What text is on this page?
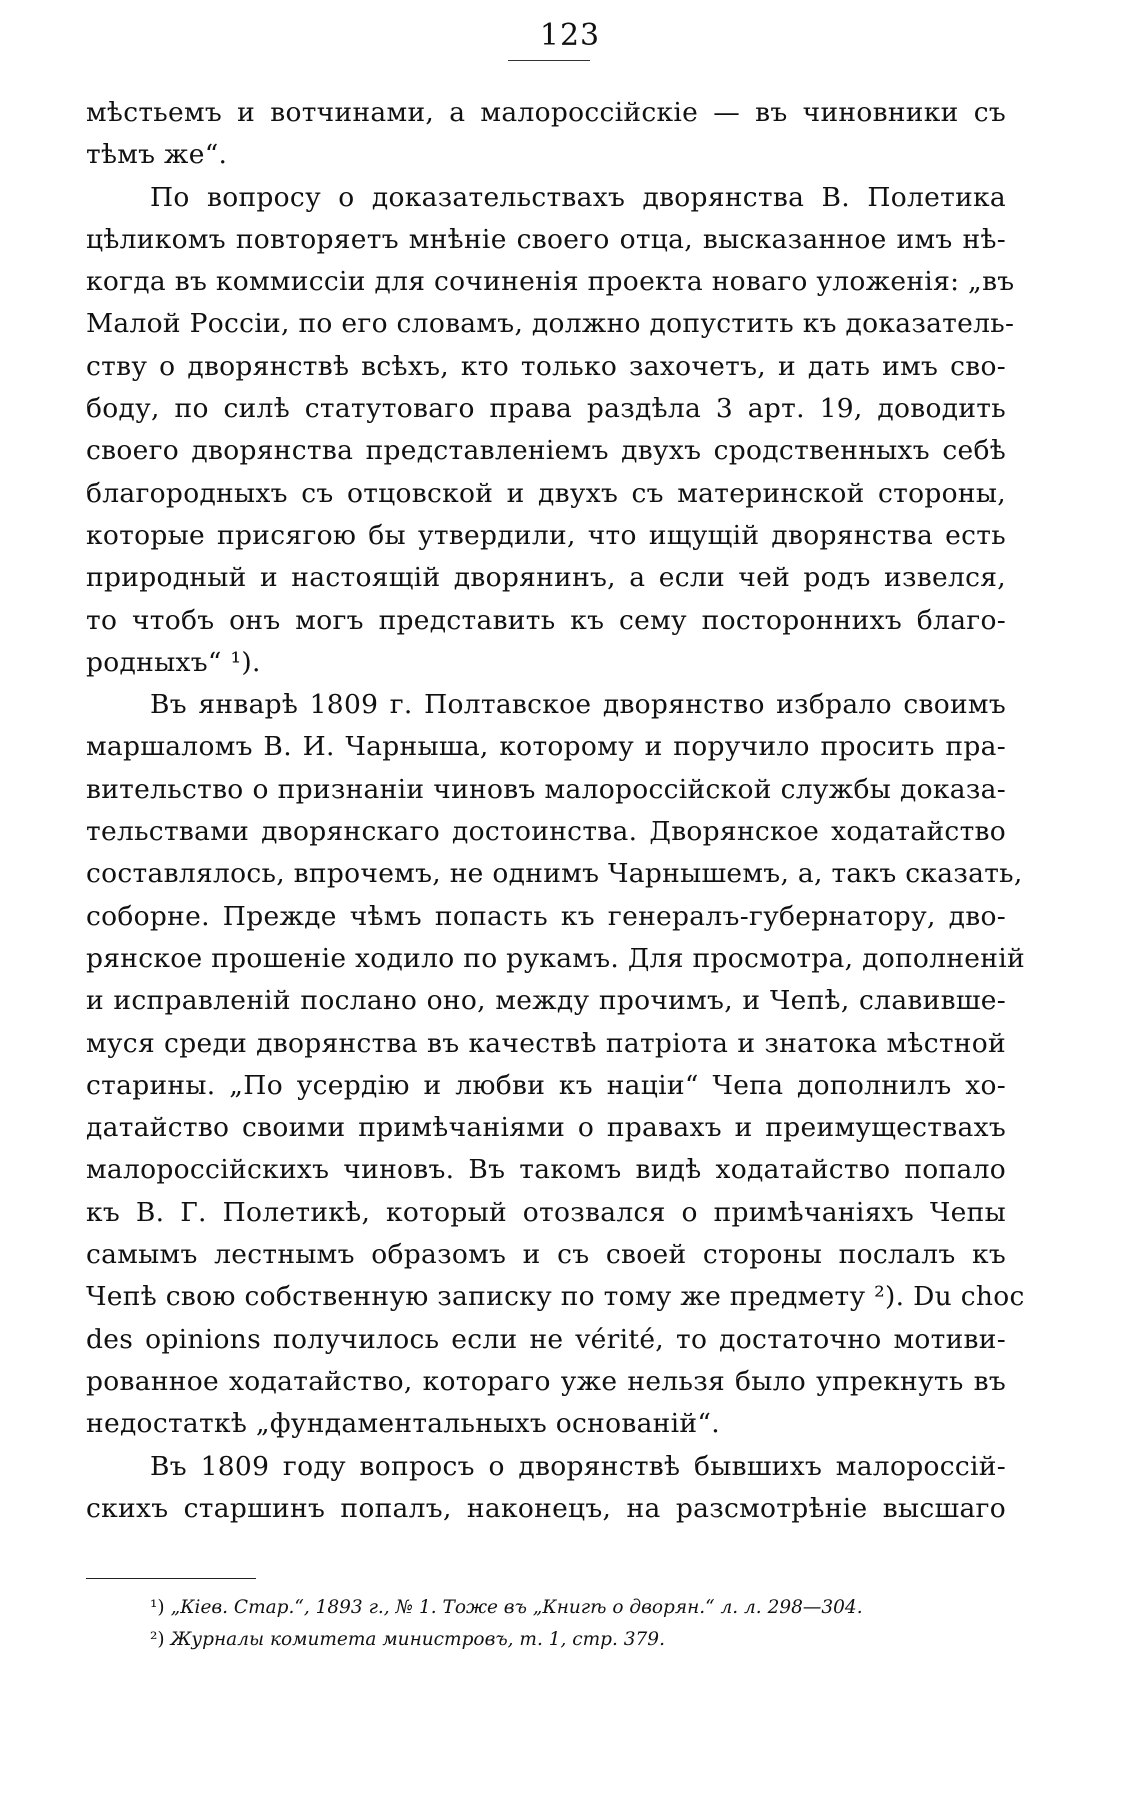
123
мѣстьемъ и вотчинами, а малороссійскіе — въ чиновники съ
тѣмъ же“.
По вопросу о доказательствахъ дворянства В. Полетика
цѣликомъ повторяетъ мнѣніе своего отца, высказанное имъ нѣ-
когда въ коммиссіи для сочиненія проекта новаго уложенія: „въ
Малой Россіи, по его словамъ, должно допустить къ доказатель-
ству о дворянствѣ всѣхъ, кто только захочетъ, и дать имъ сво-
боду, по силѣ статутоваго права раздѣла 3 арт. 19, доводить
своего дворянства представленіемъ двухъ сродственныхъ себѣ
благородныхъ съ отцовской и двухъ съ материнской стороны,
которые присягою бы утвердили, что ищущій дворянства есть
природный и настоящій дворянинъ, а если чей родъ извелся,
то чтобъ онъ могъ представить къ сему постороннихъ благо-
родныхъ“ ¹).
Въ январѣ 1809 г. Полтавское дворянство избрало своимъ
маршаломъ В. И. Чарныша, которому и поручило просить пра-
вительство о признаніи чиновъ малороссійской службы доказа-
тельствами дворянскаго достоинства. Дворянское ходатайство
составлялось, впрочемъ, не однимъ Чарнышемъ, а, такъ сказать,
соборне. Прежде чѣмъ попасть къ генералъ-губернатору, дво-
рянское прошеніе ходило по рукамъ. Для просмотра, дополненій
и исправленій послано оно, между прочимъ, и Чепѣ, славивше-
муся среди дворянства въ качествѣ патріота и знатока мѣстной
старины. „По усердію и любви къ націи“ Чепа дополнилъ хо-
датайство своими примѣчаніями о правахъ и преимуществахъ
малороссійскихъ чиновъ. Въ такомъ видѣ ходатайство попало
къ В. Г. Полетикѣ, который отозвался о примѣчаніяхъ Чепы
самымъ лестнымъ образомъ и съ своей стороны послалъ къ
Чепѣ свою собственную записку по тому же предмету ²). Du choc
des opinions получилось если не vérité, то достаточно мотиви-
рованное ходатайство, котораго уже нельзя было упрекнуть въ
недостаткѣ „фундаментальныхъ основаній“.
Въ 1809 году вопросъ о дворянствѣ бывшихъ малороссій-
скихъ старшинъ попалъ, наконецъ, на разсмотрѣніе высшаго
¹) „Кіев. Стар.“, 1893 г., № 1. Тоже въ „Книгѣ о дворян.“ л. л. 298—304.
²) Журналы комитета министровъ, т. 1, стр. 379.
